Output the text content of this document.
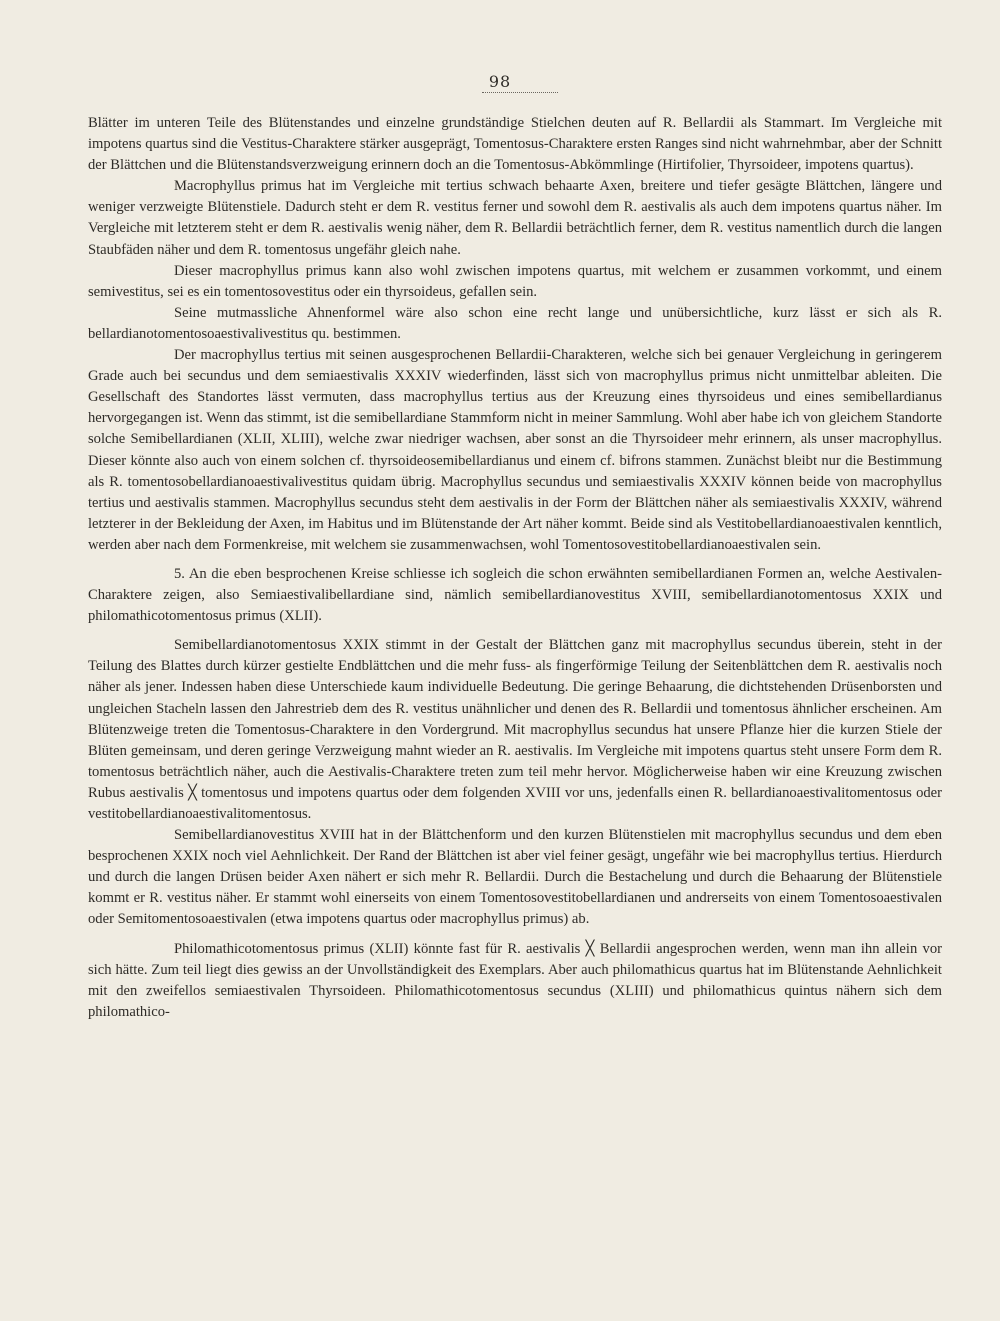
98

Blätter im unteren Teile des Blütenstandes und einzelne grundständige Stielchen deuten auf R. Bellardii als Stammart. Im Vergleiche mit impotens quartus sind die Vestitus-Charaktere stärker ausgeprägt, Tomentosus-Charaktere ersten Ranges sind nicht wahrnehmbar, aber der Schnitt der Blättchen und die Blütenstandsverzweigung erinnern doch an die Tomentosus-Abkömmlinge (Hirtifolier, Thyrsoideer, impotens quartus).

Macrophyllus primus hat im Vergleiche mit tertius schwach behaarte Axen, breitere und tiefer gesägte Blättchen, längere und weniger verzweigte Blütenstiele. Dadurch steht er dem R. vestitus ferner und sowohl dem R. aestivalis als auch dem impotens quartus näher. Im Vergleiche mit letzterem steht er dem R. aestivalis wenig näher, dem R. Bellardii beträchtlich ferner, dem R. vestitus namentlich durch die langen Staubfäden näher und dem R. tomentosus ungefähr gleich nahe.

Dieser macrophyllus primus kann also wohl zwischen impotens quartus, mit welchem er zusammen vorkommt, und einem semivestitus, sei es ein tomentosovestitus oder ein thyrsoideus, gefallen sein.

Seine mutmassliche Ahnenformel wäre also schon eine recht lange und unübersichtliche, kurz lässt er sich als R. bellardianotomentosoaestivalivestitus qu. bestimmen.

Der macrophyllus tertius mit seinen ausgesprochenen Bellardii-Charakteren, welche sich bei genauer Vergleichung in geringerem Grade auch bei secundus und dem semiaestivalis XXXIV wiederfinden, lässt sich von macrophyllus primus nicht unmittelbar ableiten. Die Gesellschaft des Standortes lässt vermuten, dass macrophyllus tertius aus der Kreuzung eines thyrsoideus und eines semibellardianus hervorgegangen ist. Wenn das stimmt, ist die semibellardiane Stammform nicht in meiner Sammlung. Wohl aber habe ich von gleichem Standorte solche Semibellardianen (XLII, XLIII), welche zwar niedriger wachsen, aber sonst an die Thyrsoideer mehr erinnern, als unser macrophyllus. Dieser könnte also auch von einem solchen cf. thyrsoideosemibellardianus und einem cf. bifrons stammen. Zunächst bleibt nur die Bestimmung als R. tomentosobellardianoaestivalivestitus quidam übrig. Macrophyllus secundus und semiaestivalis XXXIV können beide von macrophyllus tertius und aestivalis stammen. Macrophyllus secundus steht dem aestivalis in der Form der Blättchen näher als semiaestivalis XXXIV, während letzterer in der Bekleidung der Axen, im Habitus und im Blütenstande der Art näher kommt. Beide sind als Vestitobellardianoaestivalen kenntlich, werden aber nach dem Formenkreise, mit welchem sie zusammenwachsen, wohl Tomentosovestitobellardianoaestivalen sein.

5. An die eben besprochenen Kreise schliesse ich sogleich die schon erwähnten semibellardianen Formen an, welche Aestivalen-Charaktere zeigen, also Semiaestivalibellardiane sind, nämlich semibellardianovestitus XVIII, semibellardianotomentosus XXIX und philomathicotomentosus primus (XLII).

Semibellardianotomentosus XXIX stimmt in der Gestalt der Blättchen ganz mit macrophyllus secundus überein, steht in der Teilung des Blattes durch kürzer gestielte Endblättchen und die mehr fuss- als fingerförmige Teilung der Seitenblättchen dem R. aestivalis noch näher als jener. Indessen haben diese Unterschiede kaum individuelle Bedeutung. Die geringe Behaarung, die dichtstehenden Drüsenborsten und ungleichen Stacheln lassen den Jahrestrieb dem des R. vestitus unähnlicher und denen des R. Bellardii und tomentosus ähnlicher erscheinen. Am Blütenzweige treten die Tomentosus-Charaktere in den Vordergrund. Mit macrophyllus secundus hat unsere Pflanze hier die kurzen Stiele der Blüten gemeinsam, und deren geringe Verzweigung mahnt wieder an R. aestivalis. Im Vergleiche mit impotens quartus steht unsere Form dem R. tomentosus beträchtlich näher, auch die Aestivalis-Charaktere treten zum teil mehr hervor. Möglicherweise haben wir eine Kreuzung zwischen Rubus aestivalis ╳ tomentosus und impotens quartus oder dem folgenden XVIII vor uns, jedenfalls einen R. bellardianoaestivalitomentosus oder vestitobellardianoaestivalitomentosus.

Semibellardianovestitus XVIII hat in der Blättchenform und den kurzen Blütenstielen mit macrophyllus secundus und dem eben besprochenen XXIX noch viel Aehnlichkeit. Der Rand der Blättchen ist aber viel feiner gesägt, ungefähr wie bei macrophyllus tertius. Hierdurch und durch die langen Drüsen beider Axen nähert er sich mehr R. Bellardii. Durch die Bestachelung und durch die Behaarung der Blütenstiele kommt er R. vestitus näher. Er stammt wohl einerseits von einem Tomentosovestitobellardianen und andrerseits von einem Tomentosoaestivalen oder Semitomentosoaestivalen (etwa impotens quartus oder macrophyllus primus) ab.

Philomathicotomentosus primus (XLII) könnte fast für R. aestivalis ╳ Bellardii angesprochen werden, wenn man ihn allein vor sich hätte. Zum teil liegt dies gewiss an der Unvollständigkeit des Exemplars. Aber auch philomathicus quartus hat im Blütenstande Aehnlichkeit mit den zweifellos semiaestivalen Thyrsoideen. Philomathicotomentosus secundus (XLIII) und philomathicus quintus nähern sich dem philomathico-
